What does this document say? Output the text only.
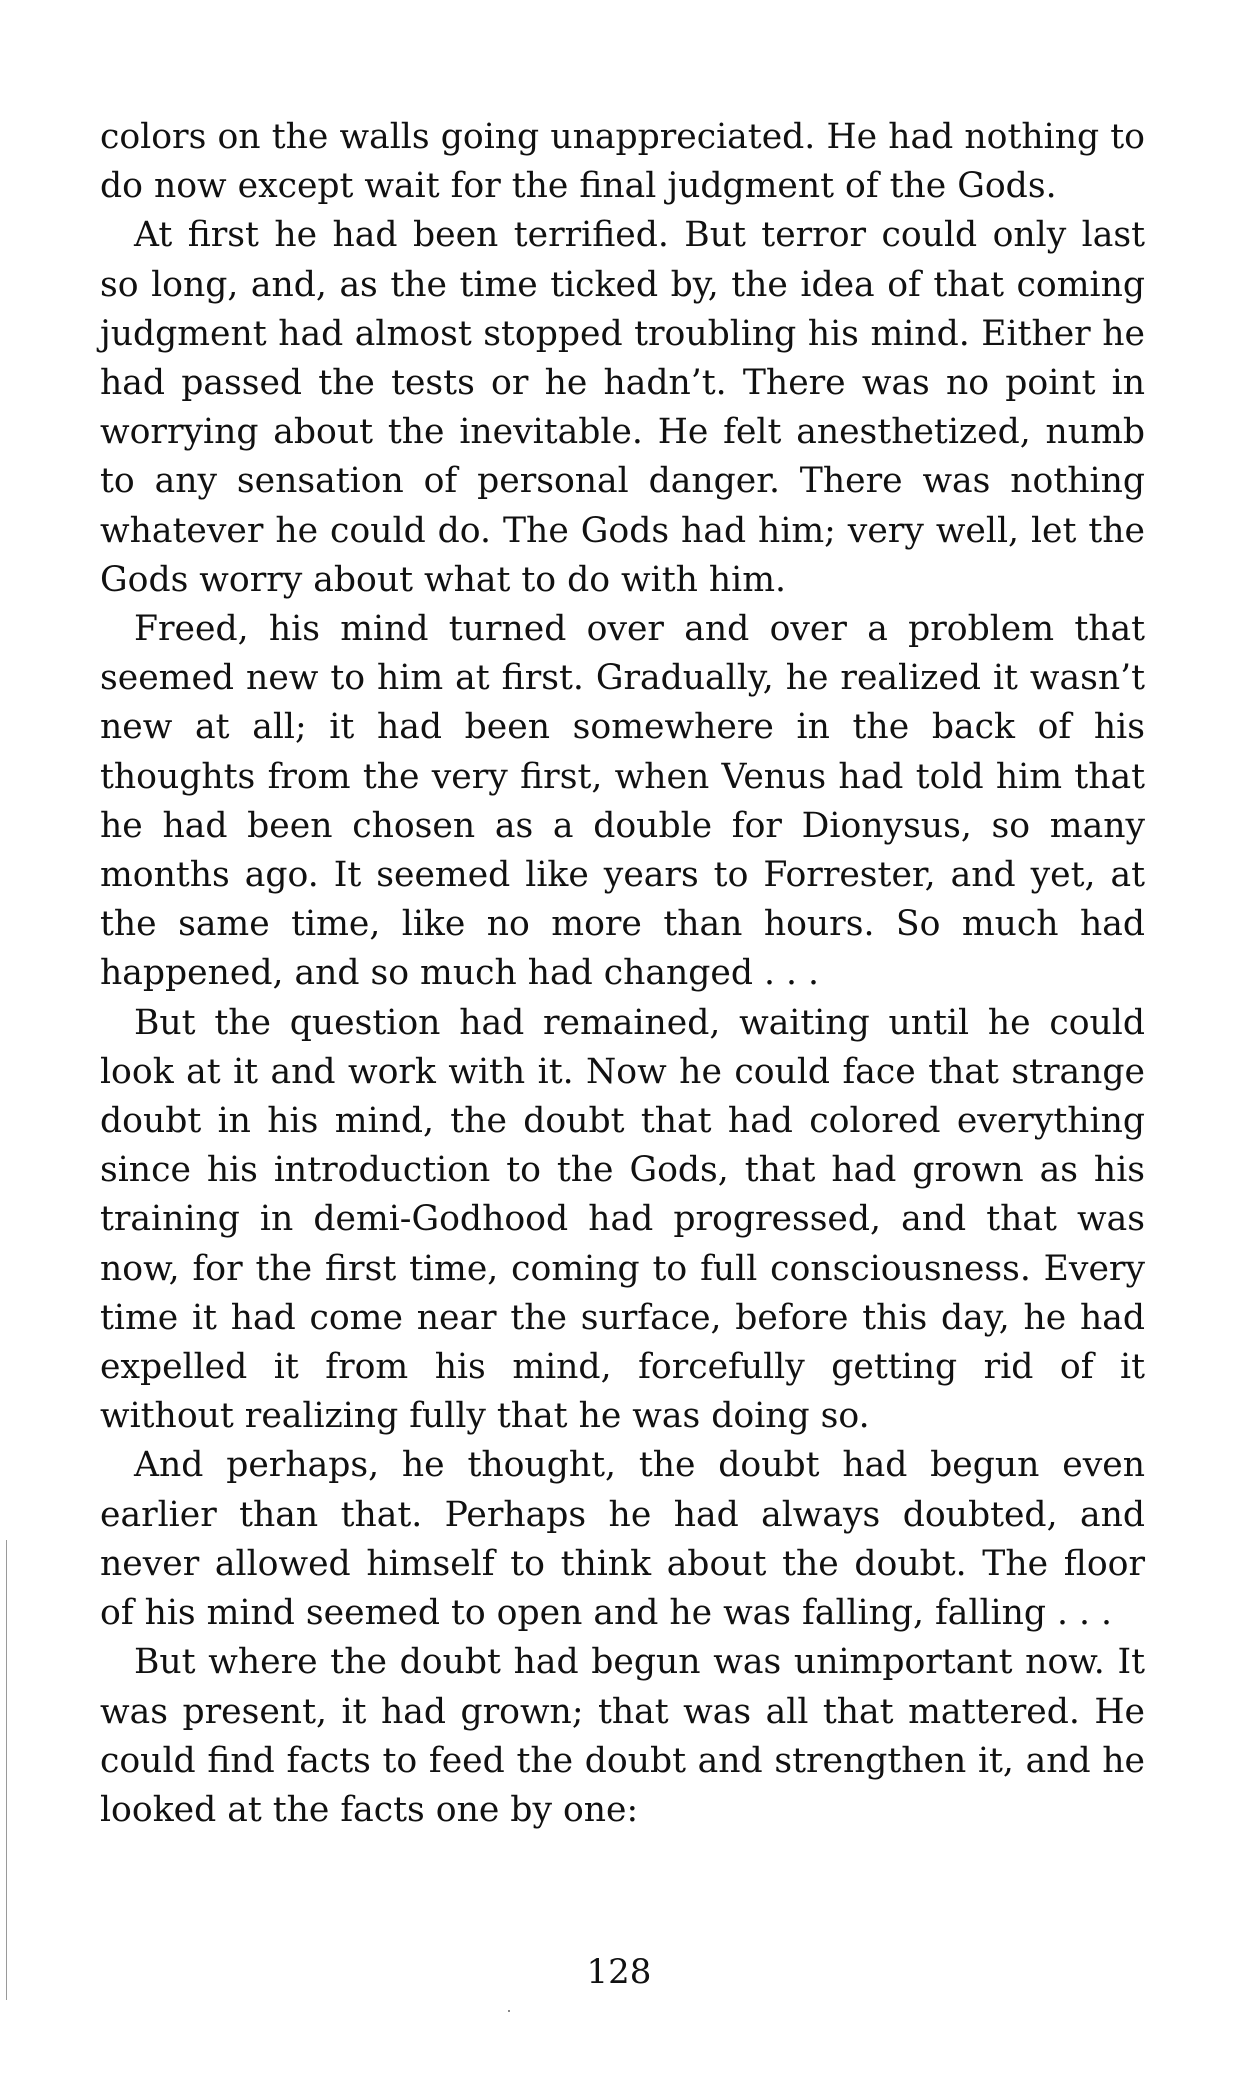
colors on the walls going unappreciated. He had nothing to do now except wait for the final judgment of the Gods.

At first he had been terrified. But terror could only last so long, and, as the time ticked by, the idea of that coming judgment had almost stopped troubling his mind. Either he had passed the tests or he hadn’t. There was no point in worrying about the inevitable. He felt anesthetized, numb to any sensation of personal danger. There was nothing whatever he could do. The Gods had him; very well, let the Gods worry about what to do with him.

Freed, his mind turned over and over a problem that seemed new to him at first. Gradually, he realized it wasn’t new at all; it had been somewhere in the back of his thoughts from the very first, when Venus had told him that he had been chosen as a double for Dionysus, so many months ago. It seemed like years to Forrester, and yet, at the same time, like no more than hours. So much had happened, and so much had changed . . .

But the question had remained, waiting until he could look at it and work with it. Now he could face that strange doubt in his mind, the doubt that had colored everything since his introduction to the Gods, that had grown as his training in demi-Godhood had progressed, and that was now, for the first time, coming to full consciousness. Every time it had come near the surface, before this day, he had expelled it from his mind, forcefully getting rid of it without realizing fully that he was doing so.

And perhaps, he thought, the doubt had begun even earlier than that. Perhaps he had always doubted, and never allowed himself to think about the doubt. The floor of his mind seemed to open and he was falling, falling . . .

But where the doubt had begun was unimportant now. It was present, it had grown; that was all that mattered. He could find facts to feed the doubt and strengthen it, and he looked at the facts one by one:

128
